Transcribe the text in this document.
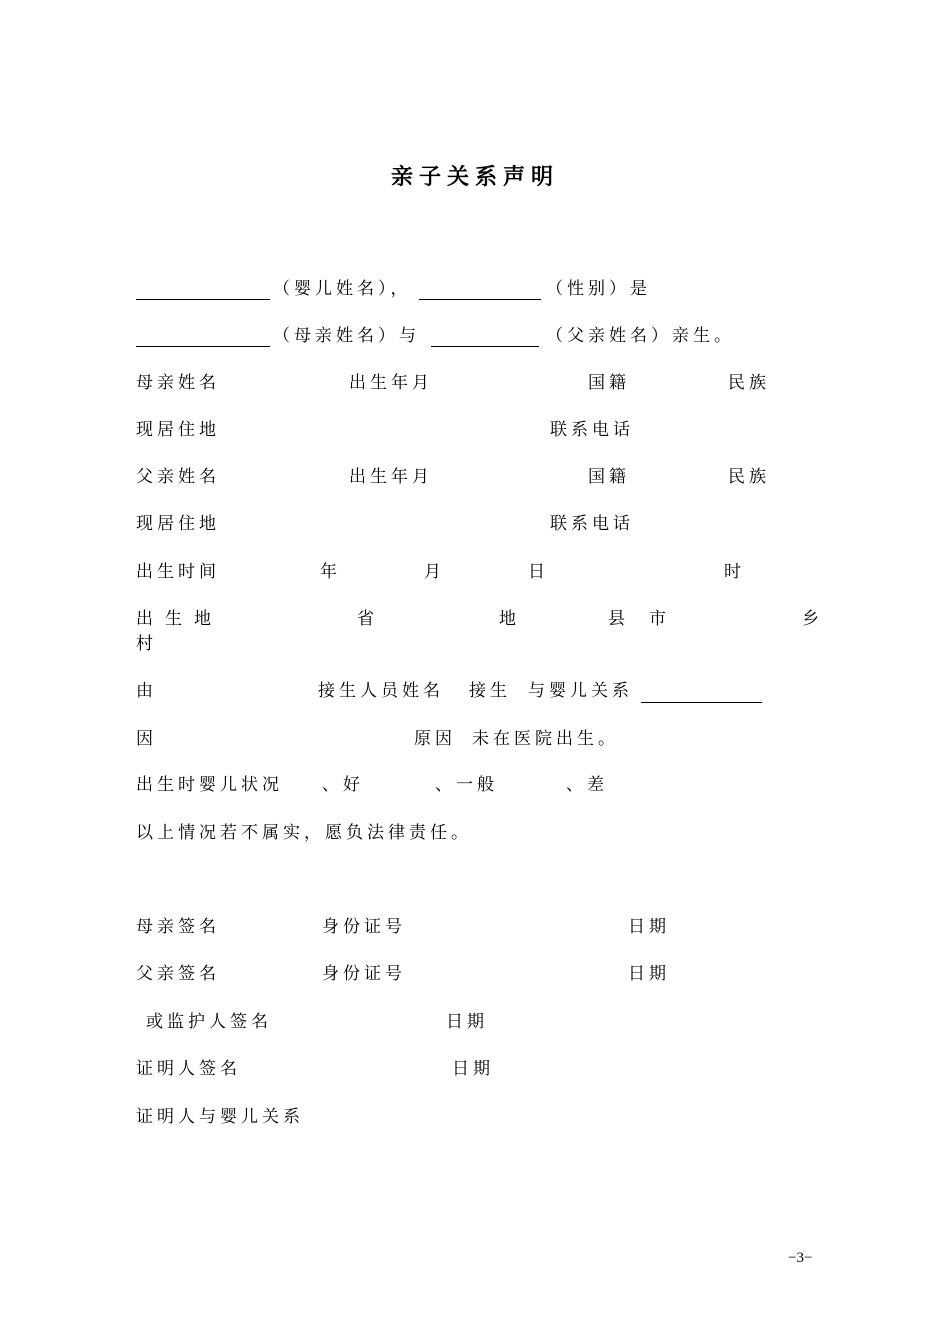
亲子关系声明
（婴儿姓名），	（性别）是
（母亲姓名）与	（父亲姓名）亲生。
母亲姓名	出生年月	国籍	民族
现居住地	联系电话
父亲姓名	出生年月	国籍	民族
现居住地	联系电话
出生时间	年	月	日	时
出生地	省	地	县 市	乡
村
由	接生人员姓名 接生 与婴儿关系
因	原因 未在医院出生。
出生时婴儿状况 、好	、一般	、差
以上情况若不属实，愿负法律责任。
母亲签名	身份证号	日期
父亲签名	身份证号	日期
或监护人签名	日期
证明人签名	日期
证明人与婴儿关系
−3−
